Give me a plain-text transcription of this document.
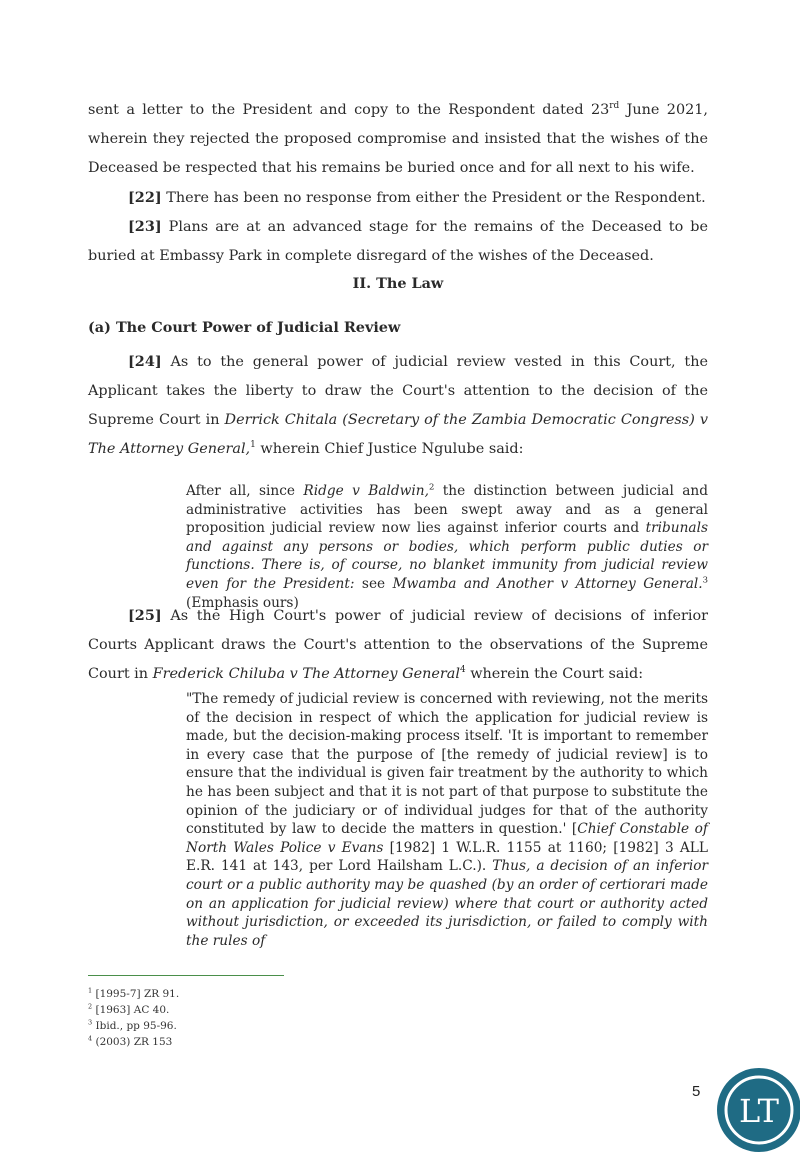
sent a letter to the President and copy to the Respondent dated 23rd June 2021, wherein they rejected the proposed compromise and insisted that the wishes of the Deceased be respected that his remains be buried once and for all next to his wife.

[22] There has been no response from either the President or the Respondent.

[23] Plans are at an advanced stage for the remains of the Deceased to be buried at Embassy Park in complete disregard of the wishes of the Deceased.

II. The Law
(a) The Court Power of Judicial Review

[24] As to the general power of judicial review vested in this Court, the Applicant takes the liberty to draw the Court's attention to the decision of the Supreme Court in Derrick Chitala (Secretary of the Zambia Democratic Congress) v The Attorney General,$^1$ wherein Chief Justice Ngulube said:

After all, since Ridge v Baldwin,$^2$ the distinction between judicial and administrative activities has been swept away and as a general proposition judicial review now lies against inferior courts and tribunals and against any persons or bodies, which perform public duties or functions. There is, of course, no blanket immunity from judicial review even for the President: see Mwamba and Another v Attorney General.$^3$ (Emphasis ours)

[25] As the High Court's power of judicial review of decisions of inferior Courts Applicant draws the Court's attention to the observations of the Supreme Court in Frederick Chiluba v The Attorney General$^4$ wherein the Court said:

"The remedy of judicial review is concerned with reviewing, not the merits of the decision in respect of which the application for judicial review is made, but the decision-making process itself. 'It is important to remember in every case that the purpose of [the remedy of judicial review] is to ensure that the individual is given fair treatment by the authority to which he has been subject and that it is not part of that purpose to substitute the opinion of the judiciary or of individual judges for that of the authority constituted by law to decide the matters in question.' [Chief Constable of North Wales Police v Evans [1982] 1 W.L.R. 1155 at 1160; [1982] 3 ALL E.R. 141 at 143, per Lord Hailsham L.C.). Thus, a decision of an inferior court or a public authority may be quashed (by an order of certiorari made on an application for judicial review) where that court or authority acted without jurisdiction, or exceeded its jurisdiction, or failed to comply with the rules of

$^1$ [1995-7] ZR 91.
$^2$ [1963] AC 40.
$^3$ Ibid., pp 95-96.
$^4$ (2003) ZR 153
5
LT
